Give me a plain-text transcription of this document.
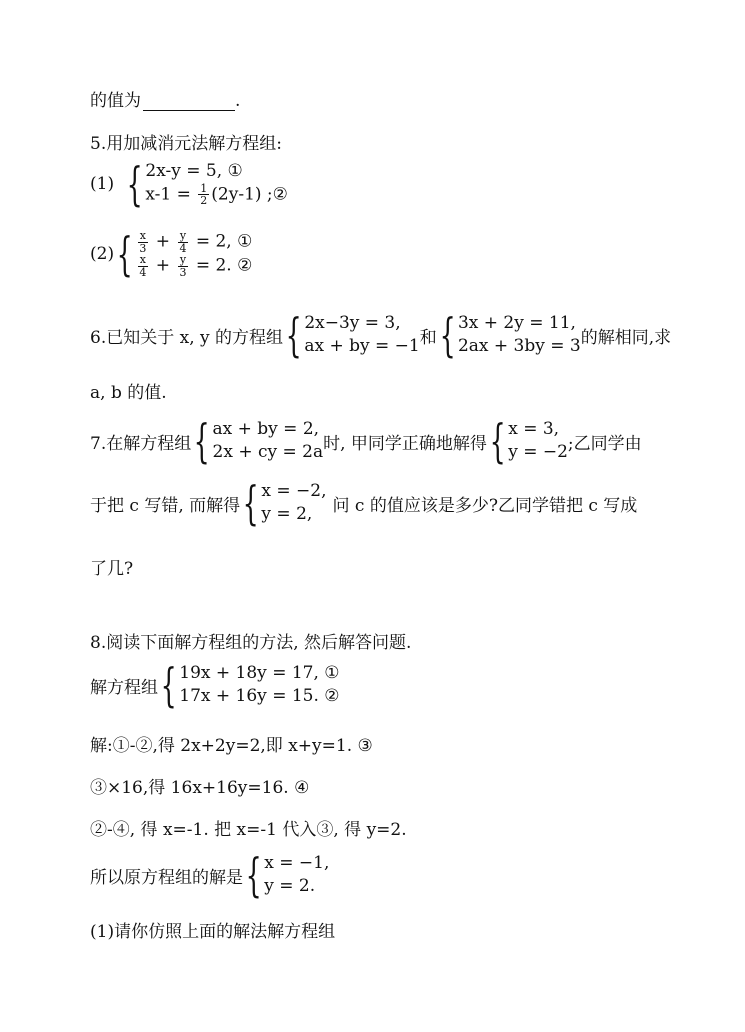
的值为	.
5.用加减消元法解方程组:
(1) { 2x-y = 5, ①
$x-1 = \frac{1}{2} (2y-1)$ ;②
(2) { $\frac{x}{3} + \frac{y}{4} = 2$, ①
$\frac{x}{4} + \frac{y}{3} = 2$. ②
6.已知关于 x, y 的方程组 { 2x−3y = 3,
ax + by = −1 和 { 3x + 2y = 11,
2ax + 3by = 3 的解相同,求
a, b 的值.
7.在解方程组 { ax + by = 2,
2x + cy = 2a 时, 甲同学正确地解得 { x = 3,
y = −2 ;乙同学由
于把 c 写错, 而解得 { x = −2,
y = 2,	问 c 的值应该是多少?乙同学错把 c 写成
了几?
8.阅读下面解方程组的方法, 然后解答问题.
解方程组 { 19x + 18y = 17, ①
17x + 16y = 15. ②
解:①-②,得 2x+2y=2,即 x+y=1. ③
③×16,得 16x+16y=16. ④
②-④, 得 x=-1. 把 x=-1 代入③, 得 y=2.
所以原方程组的解是 { x = −1,
y = 2.
(1)请你仿照上面的解法解方程组
